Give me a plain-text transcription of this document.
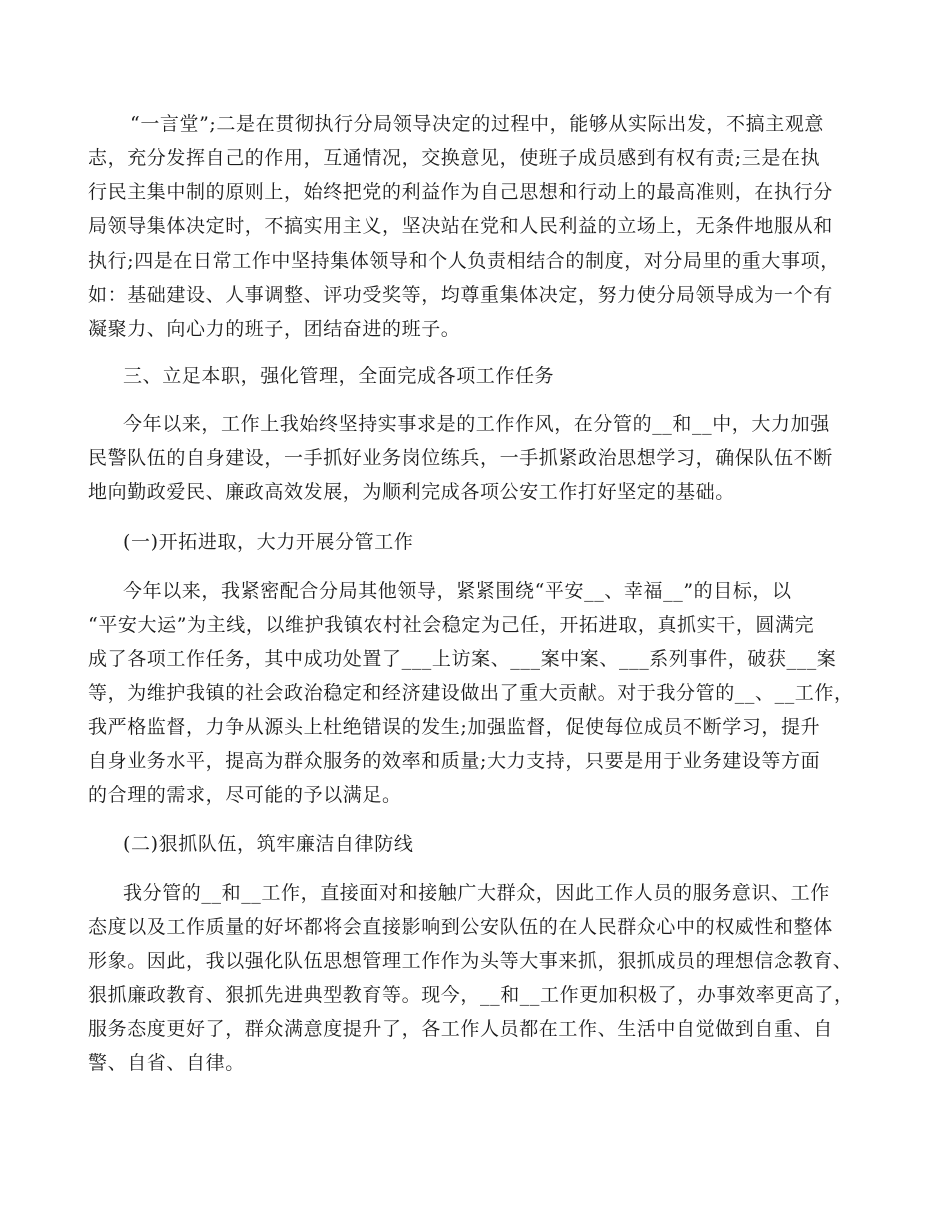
“一言堂”;二是在贯彻执行分局领导决定的过程中，能够从实际出发，不搞主观意
志，充分发挥自己的作用，互通情况，交换意见，使班子成员感到有权有责;三是在执
行民主集中制的原则上，始终把党的利益作为自己思想和行动上的最高准则，在执行分
局领导集体决定时，不搞实用主义，坚决站在党和人民利益的立场上，无条件地服从和
执行;四是在日常工作中坚持集体领导和个人负责相结合的制度，对分局里的重大事项，
如：基础建设、人事调整、评功受奖等，均尊重集体决定，努力使分局领导成为一个有
凝聚力、向心力的班子，团结奋进的班子。
三、立足本职，强化管理，全面完成各项工作任务
今年以来，工作上我始终坚持实事求是的工作作风，在分管的__和__中，大力加强
民警队伍的自身建设，一手抓好业务岗位练兵，一手抓紧政治思想学习，确保队伍不断
地向勤政爱民、廉政高效发展，为顺利完成各项公安工作打好坚定的基础。
(一)开拓进取，大力开展分管工作
今年以来，我紧密配合分局其他领导，紧紧围绕“平安__、幸福__”的目标，以
“平安大运”为主线，以维护我镇农村社会稳定为己任，开拓进取，真抓实干，圆满完
成了各项工作任务，其中成功处置了___上访案、___案中案、___系列事件，破获___案
等，为维护我镇的社会政治稳定和经济建设做出了重大贡献。对于我分管的__、__工作，
我严格监督，力争从源头上杜绝错误的发生;加强监督，促使每位成员不断学习，提升
自身业务水平，提高为群众服务的效率和质量;大力支持，只要是用于业务建设等方面
的合理的需求，尽可能的予以满足。
(二)狠抓队伍，筑牢廉洁自律防线
我分管的__和__工作，直接面对和接触广大群众，因此工作人员的服务意识、工作
态度以及工作质量的好坏都将会直接影响到公安队伍的在人民群众心中的权威性和整体
形象。因此，我以强化队伍思想管理工作作为头等大事来抓，狠抓成员的理想信念教育、
狠抓廉政教育、狠抓先进典型教育等。现今，__和__工作更加积极了，办事效率更高了，
服务态度更好了，群众满意度提升了，各工作人员都在工作、生活中自觉做到自重、自
警、自省、自律。
